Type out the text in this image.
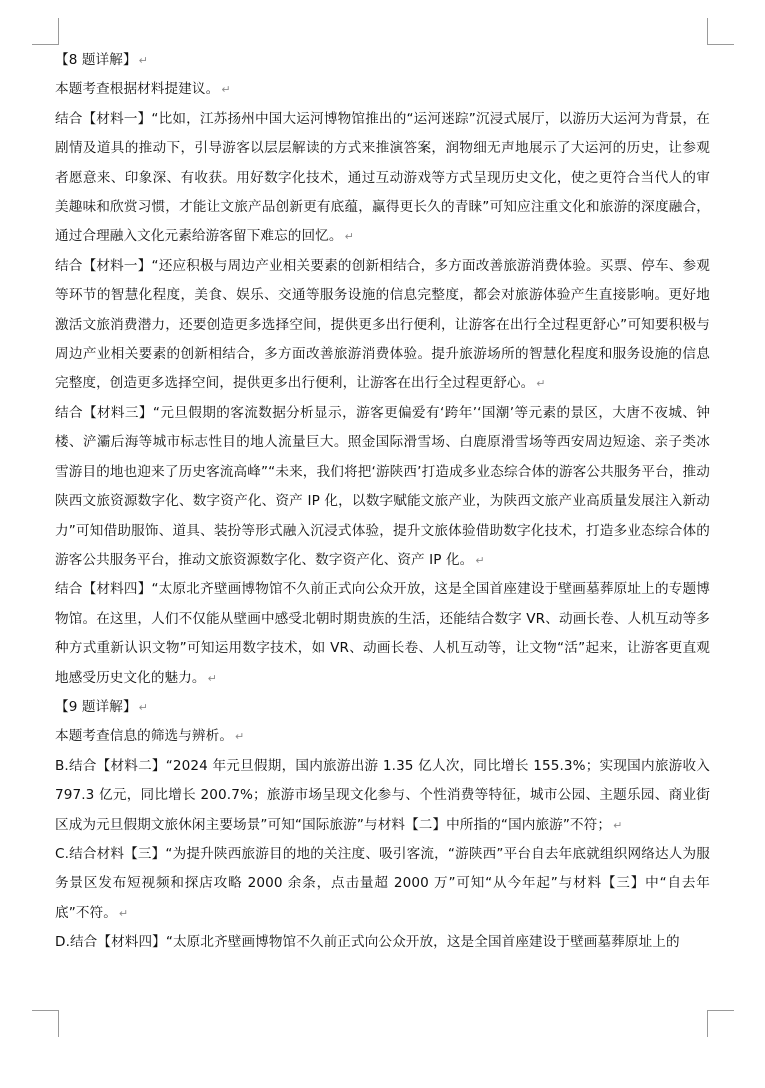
【8 题详解】 ↵

本题考查根据材料提建议。 ↵

结合【材料一】“比如，江苏扬州中国大运河博物馆推出的“运河迷踪”沉浸式展厅，以游历大运河为背景，在剧情及道具的推动下，引导游客以层层解读的方式来推演答案，润物细无声地展示了大运河的历史，让参观者愿意来、印象深、有收获。用好数字化技术，通过互动游戏等方式呈现历史文化，使之更符合当代人的审美趣味和欣赏习惯，才能让文旅产品创新更有底蕴，赢得更长久的青睐”可知应注重文化和旅游的深度融合，通过合理融入文化元素给游客留下难忘的回忆。 ↵

结合【材料一】“还应积极与周边产业相关要素的创新相结合，多方面改善旅游消费体验。买票、停车、参观等环节的智慧化程度，美食、娱乐、交通等服务设施的信息完整度，都会对旅游体验产生直接影响。更好地激活文旅消费潜力，还要创造更多选择空间，提供更多出行便利，让游客在出行全过程更舒心”可知要积极与周边产业相关要素的创新相结合，多方面改善旅游消费体验。提升旅游场所的智慧化程度和服务设施的信息完整度，创造更多选择空间，提供更多出行便利，让游客在出行全过程更舒心。 ↵

结合【材料三】“元旦假期的客流数据分析显示，游客更偏爱有‘跨年’‘国潮’等元素的景区，大唐不夜城、钟楼、浐灞后海等城市标志性目的地人流量巨大。照金国际滑雪场、白鹿原滑雪场等西安周边短途、亲子类冰雪游目的地也迎来了历史客流高峰”“未来，我们将把‘游陕西’打造成多业态综合体的游客公共服务平台，推动陕西文旅资源数字化、数字资产化、资产 IP 化，以数字赋能文旅产业，为陕西文旅产业高质量发展注入新动力”可知借助服饰、道具、装扮等形式融入沉浸式体验，提升文旅体验借助数字化技术，打造多业态综合体的游客公共服务平台，推动文旅资源数字化、数字资产化、资产 IP 化。 ↵

结合【材料四】“太原北齐壁画博物馆不久前正式向公众开放，这是全国首座建设于壁画墓葬原址上的专题博物馆。在这里，人们不仅能从壁画中感受北朝时期贵族的生活，还能结合数字 VR、动画长卷、人机互动等多种方式重新认识文物”可知运用数字技术，如 VR、动画长卷、人机互动等，让文物“活”起来，让游客更直观地感受历史文化的魅力。 ↵

【9 题详解】 ↵

本题考查信息的筛选与辨析。 ↵

B.结合【材料二】“2024 年元旦假期，国内旅游出游 1.35 亿人次，同比增长 155.3%；实现国内旅游收入 797.3 亿元，同比增长 200.7%；旅游市场呈现文化参与、个性消费等特征，城市公园、主题乐园、商业街区成为元旦假期文旅休闲主要场景”可知“国际旅游”与材料【二】中所指的“国内旅游”不符； ↵

C.结合材料【三】“为提升陕西旅游目的地的关注度、吸引客流，“游陕西”平台自去年底就组织网络达人为服务景区发布短视频和探店攻略 2000 余条，点击量超 2000 万”可知“从今年起”与材料【三】中“自去年底”不符。 ↵

D.结合【材料四】“太原北齐壁画博物馆不久前正式向公众开放，这是全国首座建设于壁画墓葬原址上的
